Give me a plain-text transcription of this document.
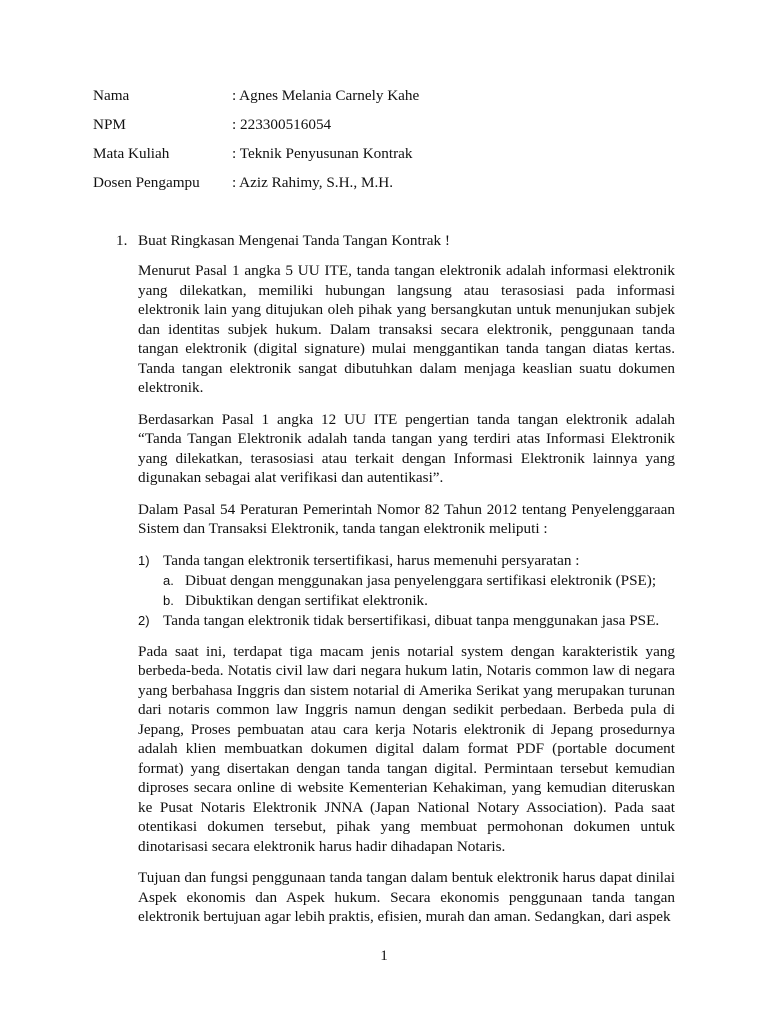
Nama	: Agnes Melania Carnely Kahe
NPM	: 223300516054
Mata Kuliah	: Teknik Penyusunan Kontrak
Dosen Pengampu : Aziz Rahimy, S.H., M.H.
1. Buat Ringkasan Mengenai Tanda Tangan Kontrak !

Menurut Pasal 1 angka 5 UU ITE, tanda tangan elektronik adalah informasi elektronik yang dilekatkan, memiliki hubungan langsung atau terasosiasi pada informasi elektronik lain yang ditujukan oleh pihak yang bersangkutan untuk menunjukan subjek dan identitas subjek hukum. Dalam transaksi secara elektronik, penggunaan tanda tangan elektronik (digital signature) mulai menggantikan tanda tangan diatas kertas. Tanda tangan elektronik sangat dibutuhkan dalam menjaga keaslian suatu dokumen elektronik.

Berdasarkan Pasal 1 angka 12 UU ITE pengertian tanda tangan elektronik adalah “Tanda Tangan Elektronik adalah tanda tangan yang terdiri atas Informasi Elektronik yang dilekatkan, terasosiasi atau terkait dengan Informasi Elektronik lainnya yang digunakan sebagai alat verifikasi dan autentikasi”.

Dalam Pasal 54 Peraturan Pemerintah Nomor 82 Tahun 2012 tentang Penyelenggaraan Sistem dan Transaksi Elektronik, tanda tangan elektronik meliputi :

1) Tanda tangan elektronik tersertifikasi, harus memenuhi persyaratan :
a. Dibuat dengan menggunakan jasa penyelenggara sertifikasi elektronik (PSE);
b. Dibuktikan dengan sertifikat elektronik.
2) Tanda tangan elektronik tidak bersertifikasi, dibuat tanpa menggunakan jasa PSE.

Pada saat ini, terdapat tiga macam jenis notarial system dengan karakteristik yang berbeda-beda. Notatis civil law dari negara hukum latin, Notaris common law di negara yang berbahasa Inggris dan sistem notarial di Amerika Serikat yang merupakan turunan dari notaris common law Inggris namun dengan sedikit perbedaan. Berbeda pula di Jepang, Proses pembuatan atau cara kerja Notaris elektronik di Jepang prosedurnya adalah klien membuatkan dokumen digital dalam format PDF (portable document format) yang disertakan dengan tanda tangan digital. Permintaan tersebut kemudian diproses secara online di website Kementerian Kehakiman, yang kemudian diteruskan ke Pusat Notaris Elektronik JNNA (Japan National Notary Association). Pada saat otentikasi dokumen tersebut, pihak yang membuat permohonan dokumen untuk dinotarisasi secara elektronik harus hadir dihadapan Notaris.

Tujuan dan fungsi penggunaan tanda tangan dalam bentuk elektronik harus dapat dinilai Aspek ekonomis dan Aspek hukum. Secara ekonomis penggunaan tanda tangan elektronik bertujuan agar lebih praktis, efisien, murah dan aman. Sedangkan, dari aspek

1
